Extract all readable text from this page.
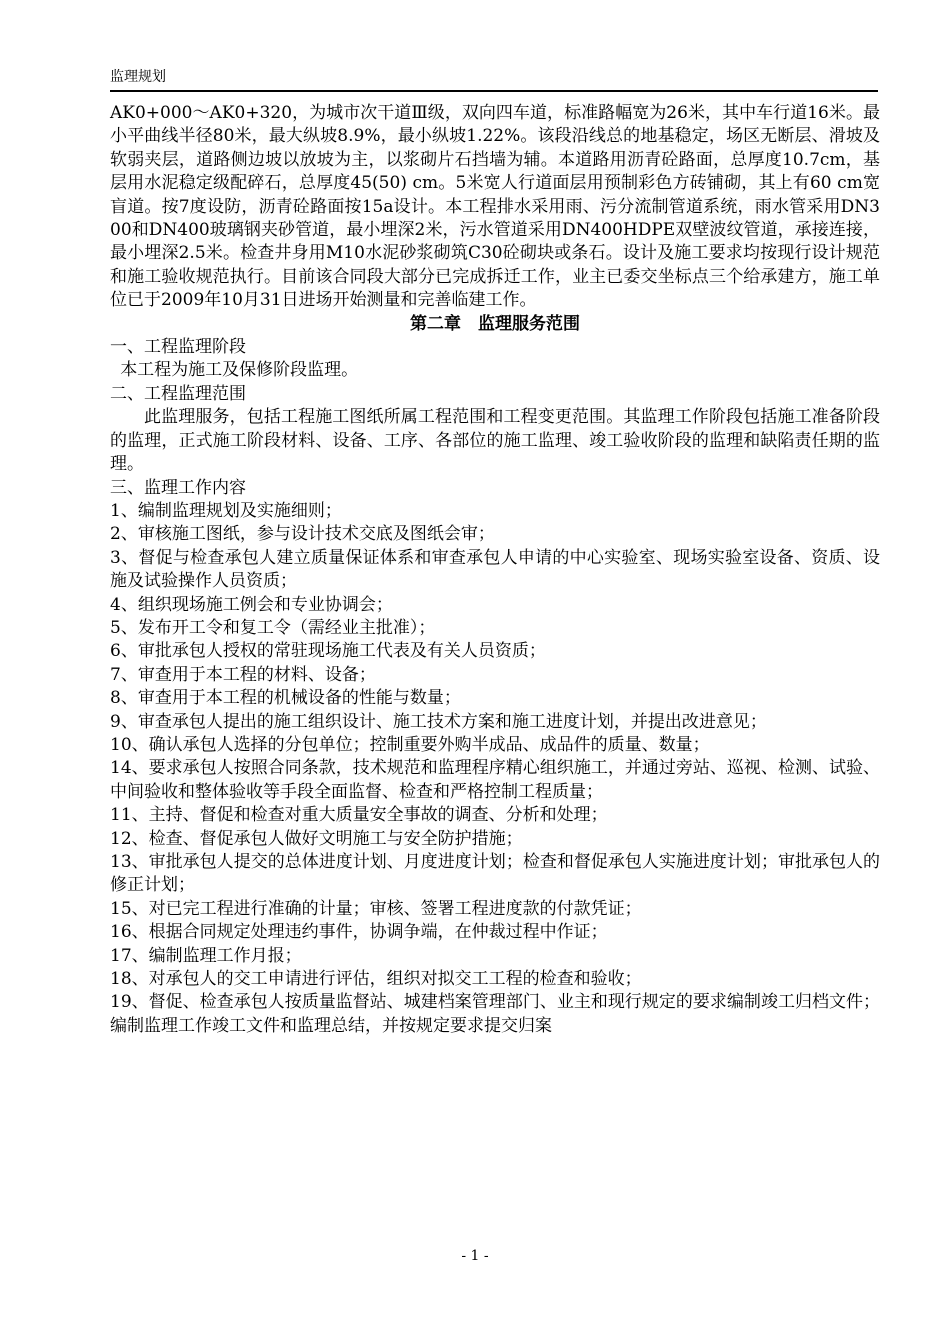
监理规划

AK0+000～AK0+320，为城市次干道Ⅲ级，双向四车道，标准路幅宽为26米，其中车行道16米。最小平曲线半径80米，最大纵坡8.9%，最小纵坡1.22%。该段沿线总的地基稳定，场区无断层、滑坡及软弱夹层，道路侧边坡以放坡为主，以浆砌片石挡墙为辅。本道路用沥青砼路面，总厚度10.7cm，基层用水泥稳定级配碎石，总厚度45(50) cm。5米宽人行道面层用预制彩色方砖铺砌，其上有60 cm宽盲道。按7度设防，沥青砼路面按15a设计。本工程排水采用雨、污分流制管道系统，雨水管采用DN300和DN400玻璃钢夹砂管道，最小埋深2米，污水管道采用DN400HDPE双壁波纹管道，承接连接，最小埋深2.5米。检查井身用M10水泥砂浆砌筑C30砼砌块或条石。设计及施工要求均按现行设计规范和施工验收规范执行。目前该合同段大部分已完成拆迁工作，业主已委交坐标点三个给承建方，施工单位已于2009年10月31日进场开始测量和完善临建工作。

第二章　监理服务范围

一、工程监理阶段

本工程为施工及保修阶段监理。

二、工程监理范围

此监理服务，包括工程施工图纸所属工程范围和工程变更范围。其监理工作阶段包括施工准备阶段的监理，正式施工阶段材料、设备、工序、各部位的施工监理、竣工验收阶段的监理和缺陷责任期的监理。

三、监理工作内容

1、编制监理规划及实施细则；

2、审核施工图纸，参与设计技术交底及图纸会审；

3、督促与检查承包人建立质量保证体系和审查承包人申请的中心实验室、现场实验室设备、资质、设施及试验操作人员资质；

4、组织现场施工例会和专业协调会；

5、发布开工令和复工令（需经业主批准）；

6、审批承包人授权的常驻现场施工代表及有关人员资质；

7、审查用于本工程的材料、设备；

8、审查用于本工程的机械设备的性能与数量；

9、审查承包人提出的施工组织设计、施工技术方案和施工进度计划，并提出改进意见；

10、确认承包人选择的分包单位；控制重要外购半成品、成品件的质量、数量；

14、要求承包人按照合同条款，技术规范和监理程序精心组织施工，并通过旁站、巡视、检测、试验、中间验收和整体验收等手段全面监督、检查和严格控制工程质量；

11、主持、督促和检查对重大质量安全事故的调查、分析和处理；

12、检查、督促承包人做好文明施工与安全防护措施；

13、审批承包人提交的总体进度计划、月度进度计划；检查和督促承包人实施进度计划；审批承包人的修正计划；

15、对已完工程进行准确的计量；审核、签署工程进度款的付款凭证；

16、根据合同规定处理违约事件，协调争端，在仲裁过程中作证；

17、编制监理工作月报；

18、对承包人的交工申请进行评估，组织对拟交工工程的检查和验收；

19、督促、检查承包人按质量监督站、城建档案管理部门、业主和现行规定的要求编制竣工归档文件；编制监理工作竣工文件和监理总结，并按规定要求提交归案

- 1 -
